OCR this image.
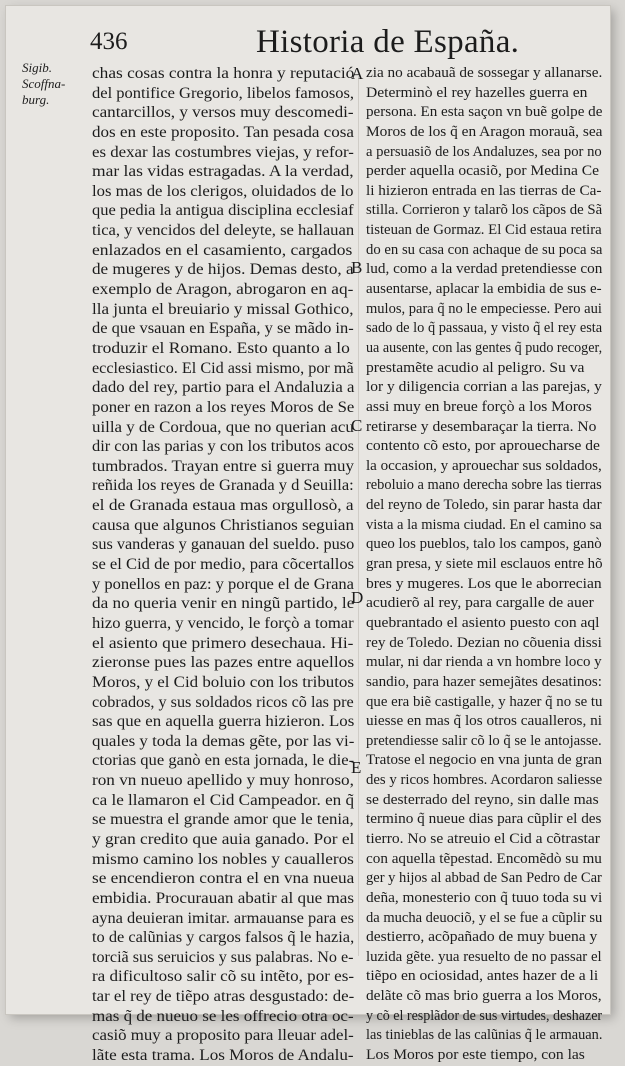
436	Historia de España.
Sigib.
Scoffna-
burg.
A
B
C
D
E
chas cosas contra la honra y reputació
del pontifice Gregorio, libelos famosos,
cantarcillos, y versos muy descomedi-
dos en este proposito. Tan pesada cosa
es dexar las costumbres viejas, y refor-
mar las vidas estragadas. A la verdad,
los mas de los clerigos, oluidados de lo
que pedia la antigua disciplina ecclesiaf
tica, y vencidos del deleyte, se hallauan
enlazados en el casamiento, cargados
de mugeres y de hijos. Demas desto, a
exemplo de Aragon, abrogaron en aq-
lla junta el breuiario y missal Gothico,
de que vsauan en España, y se mãdo in-
troduzir el Romano. Esto quanto a lo
ecclesiastico. El Cid assi mismo, por mã
dado del rey, partio para el Andaluzia a
poner en razon a los reyes Moros de Se
uilla y de Cordoua, que no querian acu
dir con las parias y con los tributos acos
tumbrados. Trayan entre si guerra muy
reñida los reyes de Granada y d Seuilla:
el de Granada estaua mas orgullosò, a
causa que algunos Christianos seguian
sus vanderas y ganauan del sueldo. puso
se el Cid de por medio, para cõcertallos
y ponellos en paz: y porque el de Grana
da no queria venir en ningũ partido, le
hizo guerra, y vencido, le forçò a tomar
el asiento que primero desechaua. Hi-
zieronse pues las pazes entre aquellos
Moros, y el Cid boluio con los tributos
cobrados, y sus soldados ricos cõ las pre
sas que en aquella guerra hizieron. Los
quales y toda la demas gẽte, por las vi-
ctorias que ganò en esta jornada, le die-
ron vn nueuo apellido y muy honroso,
ca le llamaron el Cid Campeador. en q̃
se muestra el grande amor que le tenia,
y gran credito que auia ganado. Por el
mismo camino los nobles y caualleros
se encendieron contra el en vna nueua
embidia. Procurauan abatir al que mas
ayna deuieran imitar. armauanse para es
to de calũnias y cargos falsos q̃ le hazia,
torciã sus seruicios y sus palabras. No e-
ra dificultoso salir cõ su intẽto, por es-
tar el rey de tiẽpo atras desgustado: de-
mas q̃ de nueuo se les offrecio otra oc-
casiõ muy a proposito para lleuar adel-
lãte esta trama. Los Moros de Andalu-
zia no acabauã de sossegar y allanarse.
Determinò el rey hazelles guerra en
persona. En esta saçon vn buẽ golpe de
Moros de los q̃ en Aragon morauã, sea
a persuasiõ de los Andaluzes, sea por no
perder aquella ocasiõ, por Medina Ce
li hizieron entrada en las tierras de Ca-
stilla. Corrieron y talarõ los cãpos de Sã
tisteuan de Gormaz. El Cid estaua retira
do en su casa con achaque de su poca sa
lud, como a la verdad pretendiesse con
ausentarse, aplacar la embidia de sus e-
mulos, para q̃ no le empeciesse. Pero aui
sado de lo q̃ passaua, y visto q̃ el rey esta
ua ausente, con las gentes q̃ pudo recoger,
prestamẽte acudio al peligro. Su va
lor y diligencia corrian a las parejas, y
assi muy en breue forçò a los Moros
retirarse y desembaraçar la tierra. No
contento cõ esto, por aprouecharse de
la occasion, y aprouechar sus soldados,
reboluio a mano derecha sobre las tierras
del reyno de Toledo, sin parar hasta dar
vista a la misma ciudad. En el camino sa
queo los pueblos, talo los campos, ganò
gran presa, y siete mil esclauos entre hõ
bres y mugeres. Los que le aborrecian
acudierõ al rey, para cargalle de auer
quebrantado el asiento puesto con aql
rey de Toledo. Dezian no cõuenia dissi
mular, ni dar rienda a vn hombre loco y
sandio, para hazer semejãtes desatinos:
que era biẽ castigalle, y hazer q̃ no se tu
uiesse en mas q̃ los otros caualleros, ni
pretendiesse salir cõ lo q̃ se le antojasse.
Tratose el negocio en vna junta de gran
des y ricos hombres. Acordaron saliesse
se desterrado del reyno, sin dalle mas
termino q̃ nueue dias para cũplir el des
tierro. No se atreuio el Cid a cõtrastar
con aquella tẽpestad. Encomẽdò su mu
ger y hijos al abbad de San Pedro de Car
deña, monesterio con q̃ tuuo toda su vi
da mucha deuociõ, y el se fue a cũplir su
destierro, acõpañado de muy buena y
luzida gẽte. yua resuelto de no passar el
tiẽpo en ociosidad, antes hazer de a li
delãte cõ mas brio guerra a los Moros,
y cõ el resplãdor de sus virtudes, deshazer
las tinieblas de las calũnias q̃ le armauan.
Los Moros por este tiempo, con las
​
